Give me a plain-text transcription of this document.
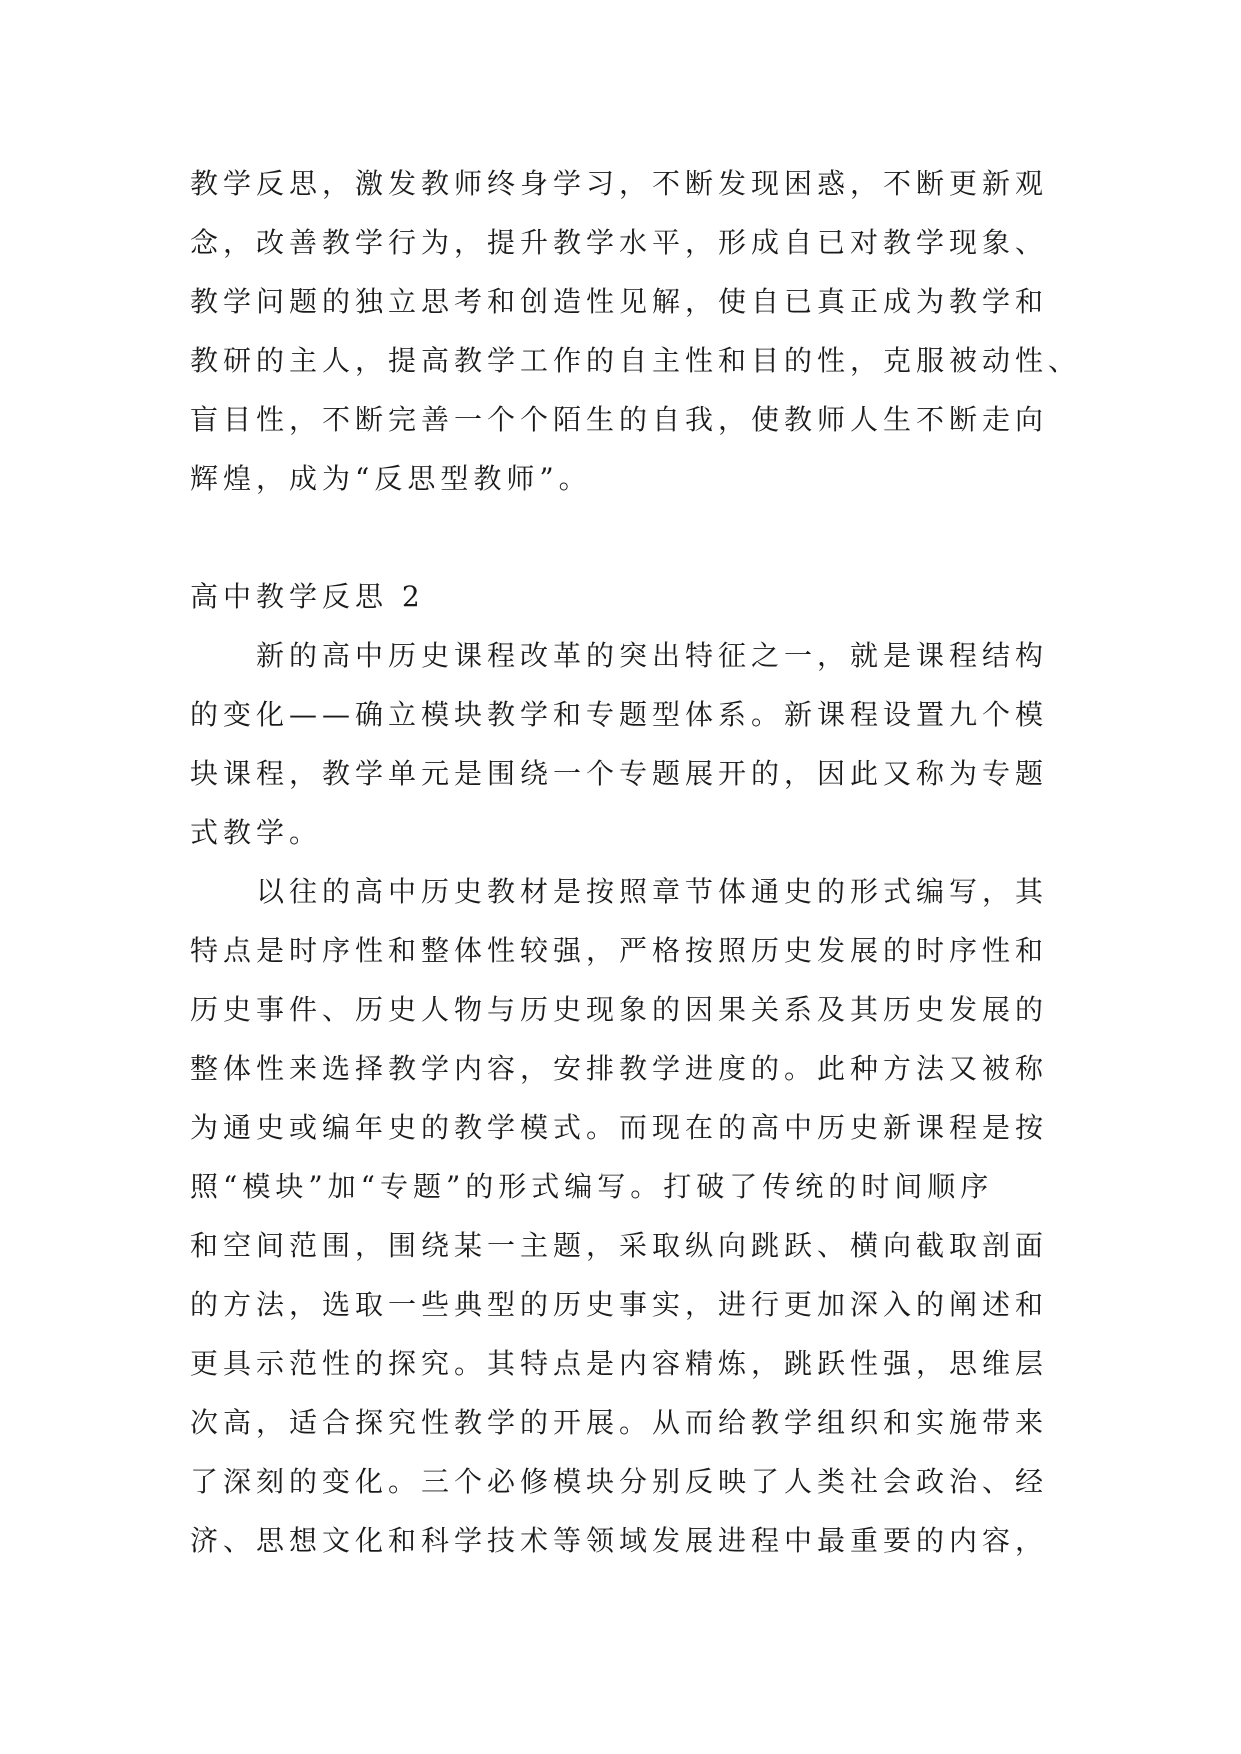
教学反思，激发教师终身学习，不断发现困惑，不断更新观
念，改善教学行为，提升教学水平，形成自已对教学现象、
教学问题的独立思考和创造性见解，使自已真正成为教学和
教研的主人，提高教学工作的自主性和目的性，克服被动性、
盲目性，不断完善一个个陌生的自我，使教师人生不断走向
辉煌，成为“反思型教师”。
高中教学反思 2
新的高中历史课程改革的突出特征之一，就是课程结构
的变化——确立模块教学和专题型体系。新课程设置九个模
块课程，教学单元是围绕一个专题展开的，因此又称为专题
式教学。
以往的高中历史教材是按照章节体通史的形式编写，其
特点是时序性和整体性较强，严格按照历史发展的时序性和
历史事件、历史人物与历史现象的因果关系及其历史发展的
整体性来选择教学内容，安排教学进度的。此种方法又被称
为通史或编年史的教学模式。而现在的高中历史新课程是按
照“模块”加“专题”的形式编写。打破了传统的时间顺序
和空间范围，围绕某一主题，采取纵向跳跃、横向截取剖面
的方法，选取一些典型的历史事实，进行更加深入的阐述和
更具示范性的探究。其特点是内容精炼，跳跃性强，思维层
次高，适合探究性教学的开展。从而给教学组织和实施带来
了深刻的变化。三个必修模块分别反映了人类社会政治、经
济、思想文化和科学技术等领域发展进程中最重要的内容，
